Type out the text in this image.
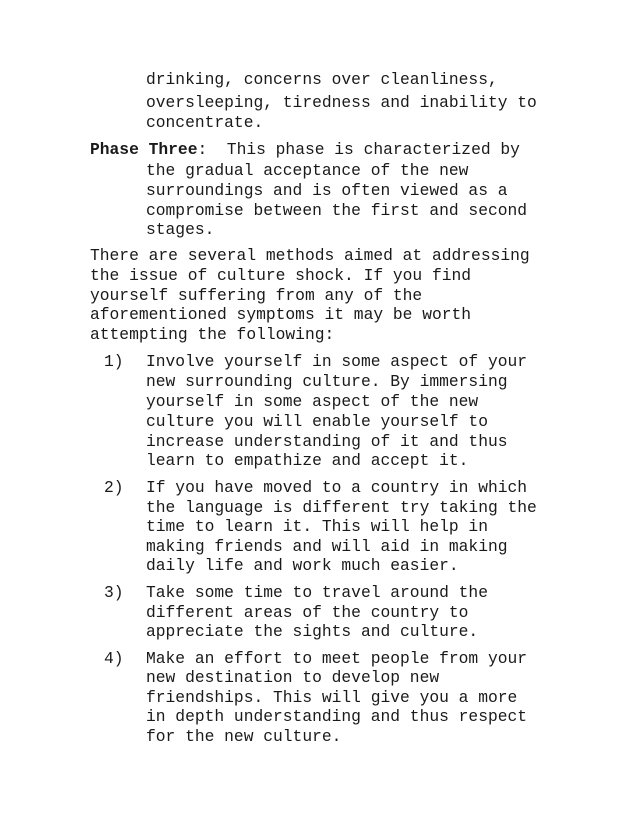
drinking, concerns over cleanliness,
oversleeping, tiredness and inability to
concentrate.
Phase Three:  This phase is characterized by
the gradual acceptance of the new
surroundings and is often viewed as a
compromise between the first and second
stages.
There are several methods aimed at addressing
the issue of culture shock. If you find
yourself suffering from any of the
aforementioned symptoms it may be worth
attempting the following:
1) Involve yourself in some aspect of your
new surrounding culture. By immersing
yourself in some aspect of the new
culture you will enable yourself to
increase understanding of it and thus
learn to empathize and accept it.
2) If you have moved to a country in which
the language is different try taking the
time to learn it. This will help in
making friends and will aid in making
daily life and work much easier.
3) Take some time to travel around the
different areas of the country to
appreciate the sights and culture.
4) Make an effort to meet people from your
new destination to develop new
friendships. This will give you a more
in depth understanding and thus respect
for the new culture.
